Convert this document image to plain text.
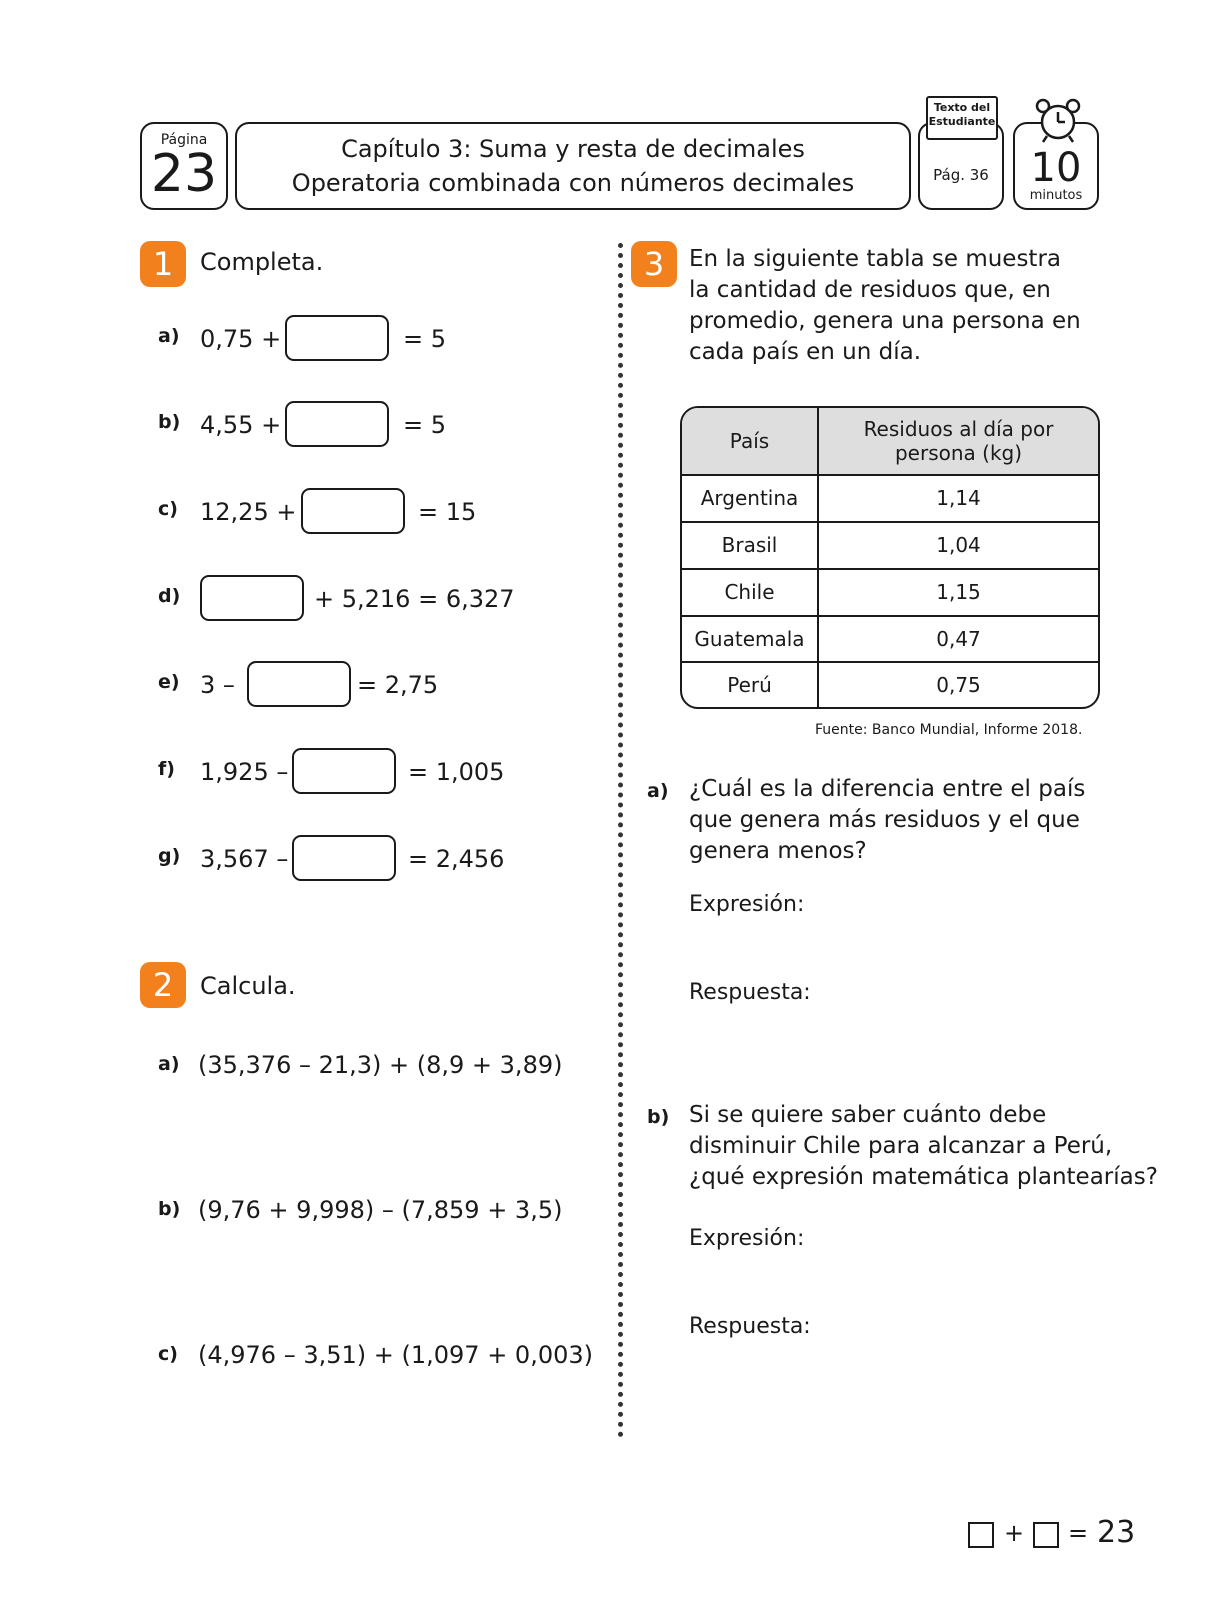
Página
23	Capítulo 3: Suma y resta de decimales
Operatoria combinada con números decimales
Texto del
Estudiante
Pág. 36	10
minutos
1	Completa.
a) 0,75 +	= 5
b) 4,55 +	= 5
c) 12,25 +	= 15
d)	+ 5,216 = 6,327
e) 3 –	= 2,75
f) 1,925 –	= 1,005
g) 3,567 –	= 2,456
2	Calcula.
a) (35,376 – 21,3) + (8,9 + 3,89)
b) (9,76 + 9,998) – (7,859 + 3,5)
c) (4,976 – 3,51) + (1,097 + 0,003)
3	En la siguiente tabla se muestra
la cantidad de residuos que, en
promedio, genera una persona en
cada país en un día.
País	Residuos al día por
persona (kg)

Argentina	1,14
Brasil	1,04
Chile	1,15
Guatemala	0,47
Perú	0,75
Fuente: Banco Mundial, Informe 2018.
a) ¿Cuál es la diferencia entre el país
que genera más residuos y el que
genera menos?
Expresión:
Respuesta:
b) Si se quiere saber cuánto debe
disminuir Chile para alcanzar a Perú,
¿qué expresión matemática plantearías?
Expresión:
Respuesta:
+ = 23
